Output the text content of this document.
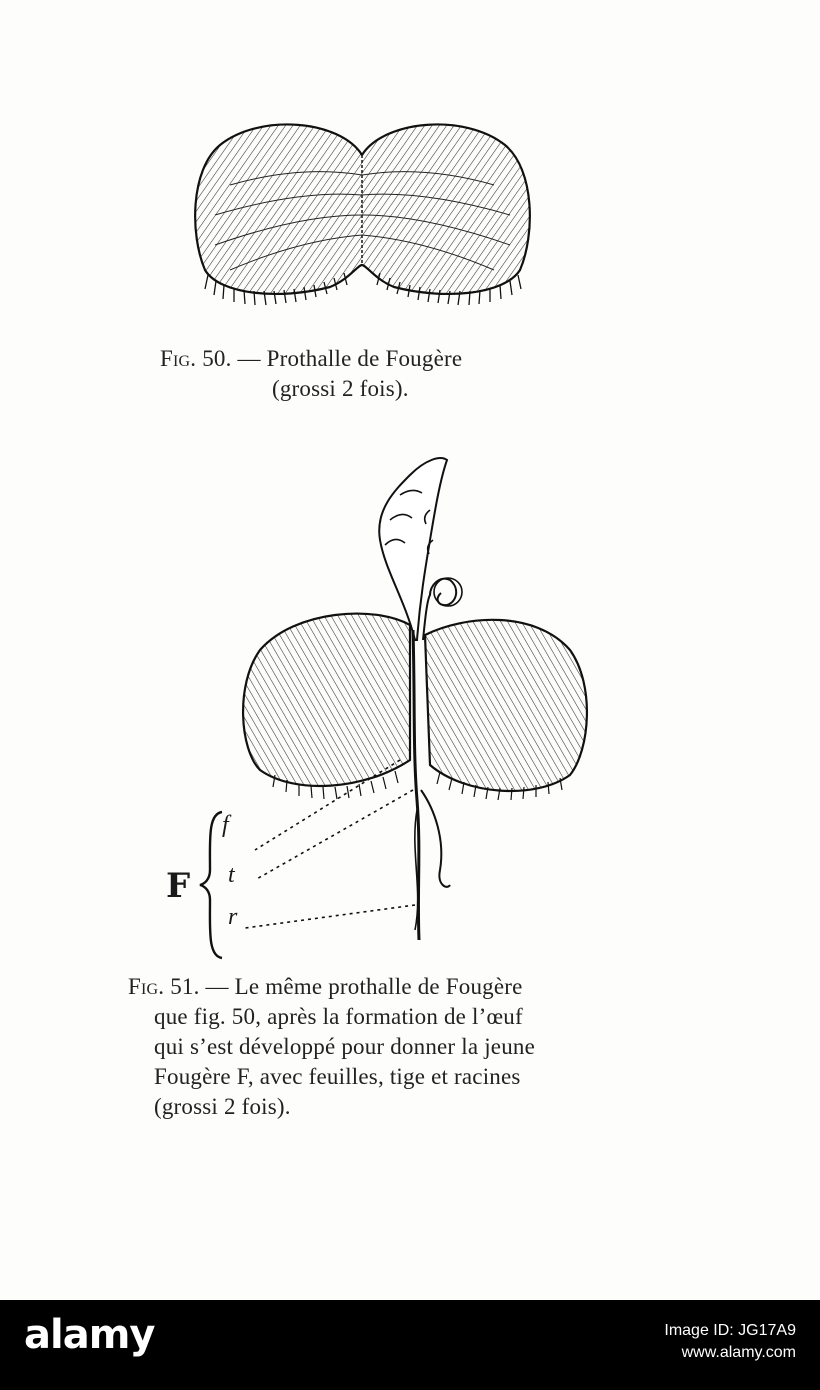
Fig. 50. — Prothalle de Fougère
(grossi 2 fois).
F
f
t
r
Fig. 51. — Le même prothalle de Fougère
que fig. 50, après la formation de l’œuf
qui s’est développé pour donner la jeune
Fougère F, avec feuilles, tige et racines
(grossi 2 fois).
alamy	Image ID: JG17A9
www.alamy.com
